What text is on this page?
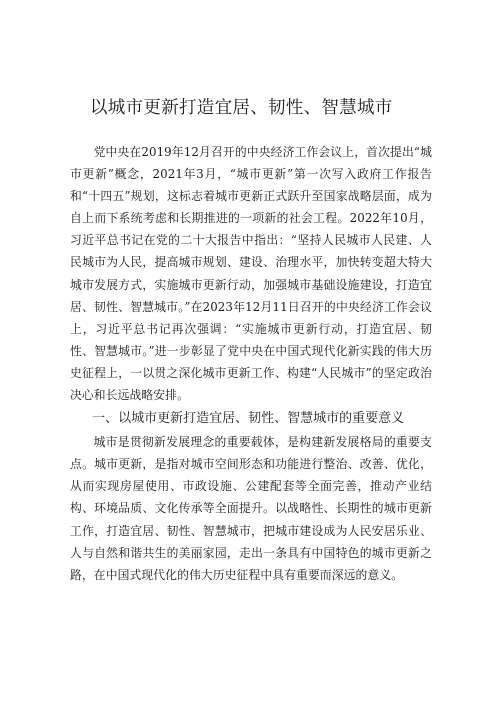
以城市更新打造宜居、韧性、智慧城市

党中央在2019年12月召开的中央经济工作会议上，首次提出“城市更新”概念，2021年3月，“城市更新”第一次写入政府工作报告和“十四五”规划，这标志着城市更新正式跃升至国家战略层面，成为自上而下系统考虑和长期推进的一项新的社会工程。2022年10月，习近平总书记在党的二十大报告中指出：“坚持人民城市人民建、人民城市为人民，提高城市规划、建设、治理水平，加快转变超大特大城市发展方式，实施城市更新行动，加强城市基础设施建设，打造宜居、韧性、智慧城市。”在2023年12月11日召开的中央经济工作会议上，习近平总书记再次强调：“实施城市更新行动，打造宜居、韧性、智慧城市。”进一步彰显了党中央在中国式现代化新实践的伟大历史征程上，一以贯之深化城市更新工作、构建“人民城市”的坚定政治决心和长远战略安排。

一、以城市更新打造宜居、韧性、智慧城市的重要意义

城市是贯彻新发展理念的重要载体，是构建新发展格局的重要支点。城市更新，是指对城市空间形态和功能进行整治、改善、优化，从而实现房屋使用、市政设施、公建配套等全面完善，推动产业结构、环境品质、文化传承等全面提升。以战略性、长期性的城市更新工作，打造宜居、韧性、智慧城市，把城市建设成为人民安居乐业、人与自然和谐共生的美丽家园，走出一条具有中国特色的城市更新之路，在中国式现代化的伟大历史征程中具有重要而深远的意义。
